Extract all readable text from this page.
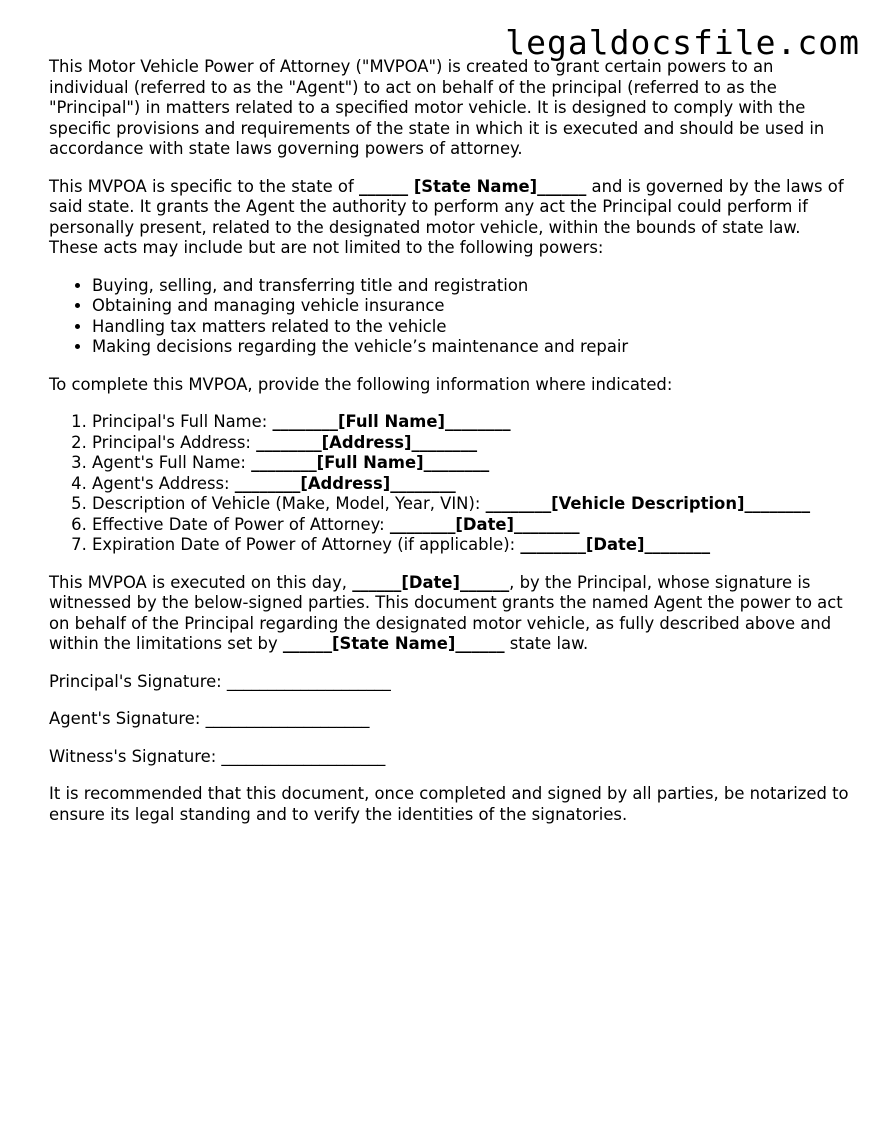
legaldocsfile.com

This Motor Vehicle Power of Attorney ("MVPOA") is created to grant certain powers to an individual (referred to as the "Agent") to act on behalf of the principal (referred to as the "Principal") in matters related to a specified motor vehicle. It is designed to comply with the specific provisions and requirements of the state in which it is executed and should be used in accordance with state laws governing powers of attorney.

This MVPOA is specific to the state of ______ [State Name]______ and is governed by the laws of said state. It grants the Agent the authority to perform any act the Principal could perform if personally present, related to the designated motor vehicle, within the bounds of state law. These acts may include but are not limited to the following powers:

• Buying, selling, and transferring title and registration
• Obtaining and managing vehicle insurance
• Handling tax matters related to the vehicle
• Making decisions regarding the vehicle’s maintenance and repair

To complete this MVPOA, provide the following information where indicated:

1. Principal's Full Name: ________[Full Name]________
2. Principal's Address: ________[Address]________
3. Agent's Full Name: ________[Full Name]________
4. Agent's Address: ________[Address]________
5. Description of Vehicle (Make, Model, Year, VIN): ________[Vehicle Description]________
6. Effective Date of Power of Attorney: ________[Date]________
7. Expiration Date of Power of Attorney (if applicable): ________[Date]________

This MVPOA is executed on this day, ______[Date]______, by the Principal, whose signature is witnessed by the below-signed parties. This document grants the named Agent the power to act on behalf of the Principal regarding the designated motor vehicle, as fully described above and within the limitations set by ______[State Name]______ state law.

Principal's Signature: ____________________

Agent's Signature: ____________________

Witness's Signature: ____________________

It is recommended that this document, once completed and signed by all parties, be notarized to ensure its legal standing and to verify the identities of the signatories.
